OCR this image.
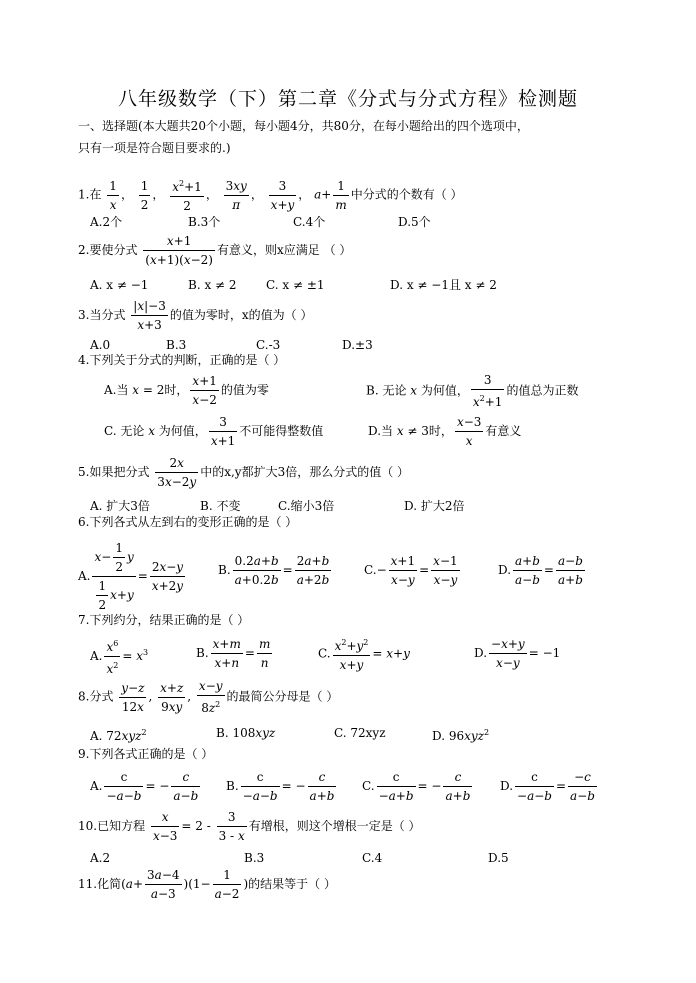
八年级数学（下）第二章《分式与分式方程》检测题
一、选择题(本大题共20个小题，每小题4分，共80分，在每小题给出的四个选项中，
只有一项是符合题目要求的.)
1.在 $\frac{1}{x}$ ， $\frac{1}{2}$ ， $\frac{x^2+1}{2}$ ， $\frac{3xy}{\pi}$ ， $\frac{3}{x+y}$ ， $a+ \frac{1}{m}$ 中分式的个数有（ ）
A.2个	B.3个	C.4个	D.5个
2.要使分式 $\frac{x+1}{(x+1)(x-2)}$ 有意义，则x应满足 （ ）
A. x ≠ −1	B. x ≠ 2 C. x ≠ ±1	D. x ≠ −1且 x ≠ 2
3.当分式 $\frac{|x|-3}{x+3}$ 的值为零时，x的值为（ ）
A.0	B.3	C.-3	D.±3
4.下列关于分式的判断，正确的是（ ）
A.当 x = 2时， $\frac{x+1}{x-2}$ 的值为零	B. 无论 x 为何值， $\frac{3}{x^2+1}$ 的值总为正数
C. 无论 x 为何值， $\frac{3}{x+1}$ 不可能得整数值	D.当 x ≠ 3时， $\frac{x-3}{x}$ 有意义
5.如果把分式 $\frac{2x}{3x-2y}$ 中的x,y都扩大3倍，那么分式的值（ ）
A. 扩大3倍	B. 不变	C.缩小3倍	D. 扩大2倍
6.下列各式从左到右的变形正确的是（ ）
A. $\frac{x- \frac{1}{2} y}{\frac{1}{2} x+y} = \frac{2x-y}{x+2y}$	B. $\frac{0.2a+b}{a+0.2b} = \frac{2a+b}{a+2b}$	$C.- \frac{x+1}{x-y} = \frac{x-1}{x-y}$	D. $\frac{a+b}{a-b} = \frac{a-b}{a+b}$
7.下列约分，结果正确的是（ ）
A. $\frac{x^6}{x^2} = x^3$	B. $\frac{x+m}{x+n} = \frac{m}{n}$	C. $\frac{x^2+y^2}{x+y} = x+y$	D. $\frac{-x+y}{x-y} = -1$
8.分式 $\frac{y-z}{12x}$ , $\frac{x+z}{9xy}$ , $\frac{x-y}{8z^2}$ 的最简公分母是（ ）
A. 72xyz$^2$	B. 108xyz	C. 72xyz	D. 96xyz$^2$
9.下列各式正确的是（ ）
A. $\frac{c}{-a-b}$ = − $\frac{c}{a-b} B$. $\frac{c}{-a-b}$ = − $\frac{c}{a+b} C$. $\frac{c}{-a+b}$ = − $\frac{c}{a+b} D$. $\frac{c}{-a-b} = \frac{-c}{a-b}$
10.已知方程 $\frac{x}{x-3} = 2 - \frac{3}{3 - x}$ 有增根，则这个增根一定是（ ）
A.2	B.3	C.4	D.5
11.化简$(a+ \frac{3a-4}{a-3} )(1- \frac{1}{a-2}$ )的结果等于（ ）
